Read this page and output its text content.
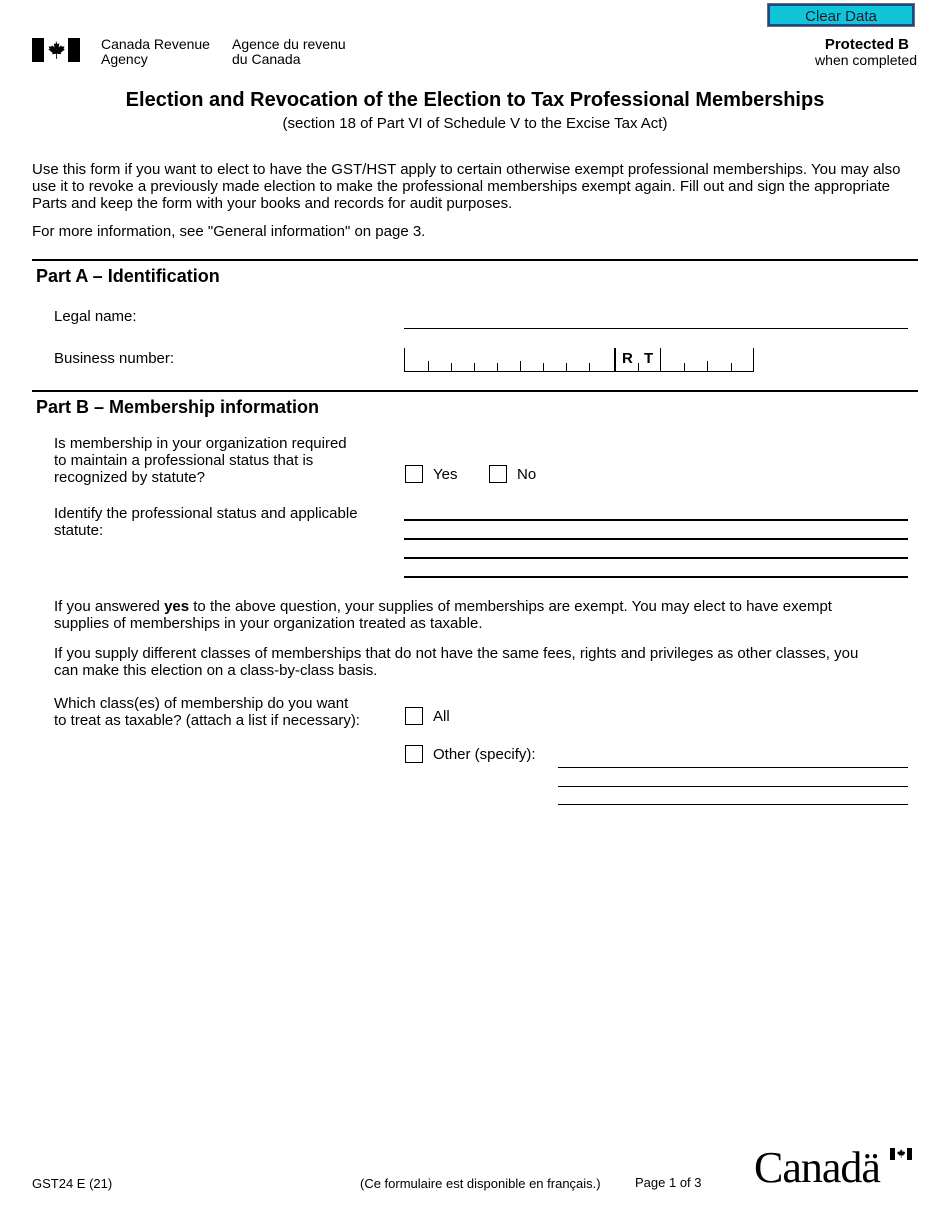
Clear Data
Canada Revenue
Agency
Agence du revenu
du Canada
Protected B
when completed
Election and Revocation of the Election to Tax Professional Memberships
(section 18 of Part VI of Schedule V to the Excise Tax Act)
Use this form if you want to elect to have the GST/HST apply to certain otherwise exempt professional memberships. You may also use it to revoke a previously made election to make the professional memberships exempt again. Fill out and sign the appropriate Parts and keep the form with your books and records for audit purposes.
For more information, see "General information" on page 3.
Part A – Identification
Legal name:
Business number:	R T
Part B – Membership information
Is membership in your organization required
to maintain a professional status that is
recognized by statute?	Yes	No
Identify the professional status and applicable
statute:
If you answered yes to the above question, your supplies of memberships are exempt. You may elect to have exempt supplies of memberships in your organization treated as taxable.
If you supply different classes of memberships that do not have the same fees, rights and privileges as other classes, you can make this election on a class-by-class basis.
Which class(es) of membership do you want
to treat as taxable? (attach a list if necessary):	All
Other (specify):
GST24 E (21)	(Ce formulaire est disponible en français.)	Page 1 of 3 Canadä
